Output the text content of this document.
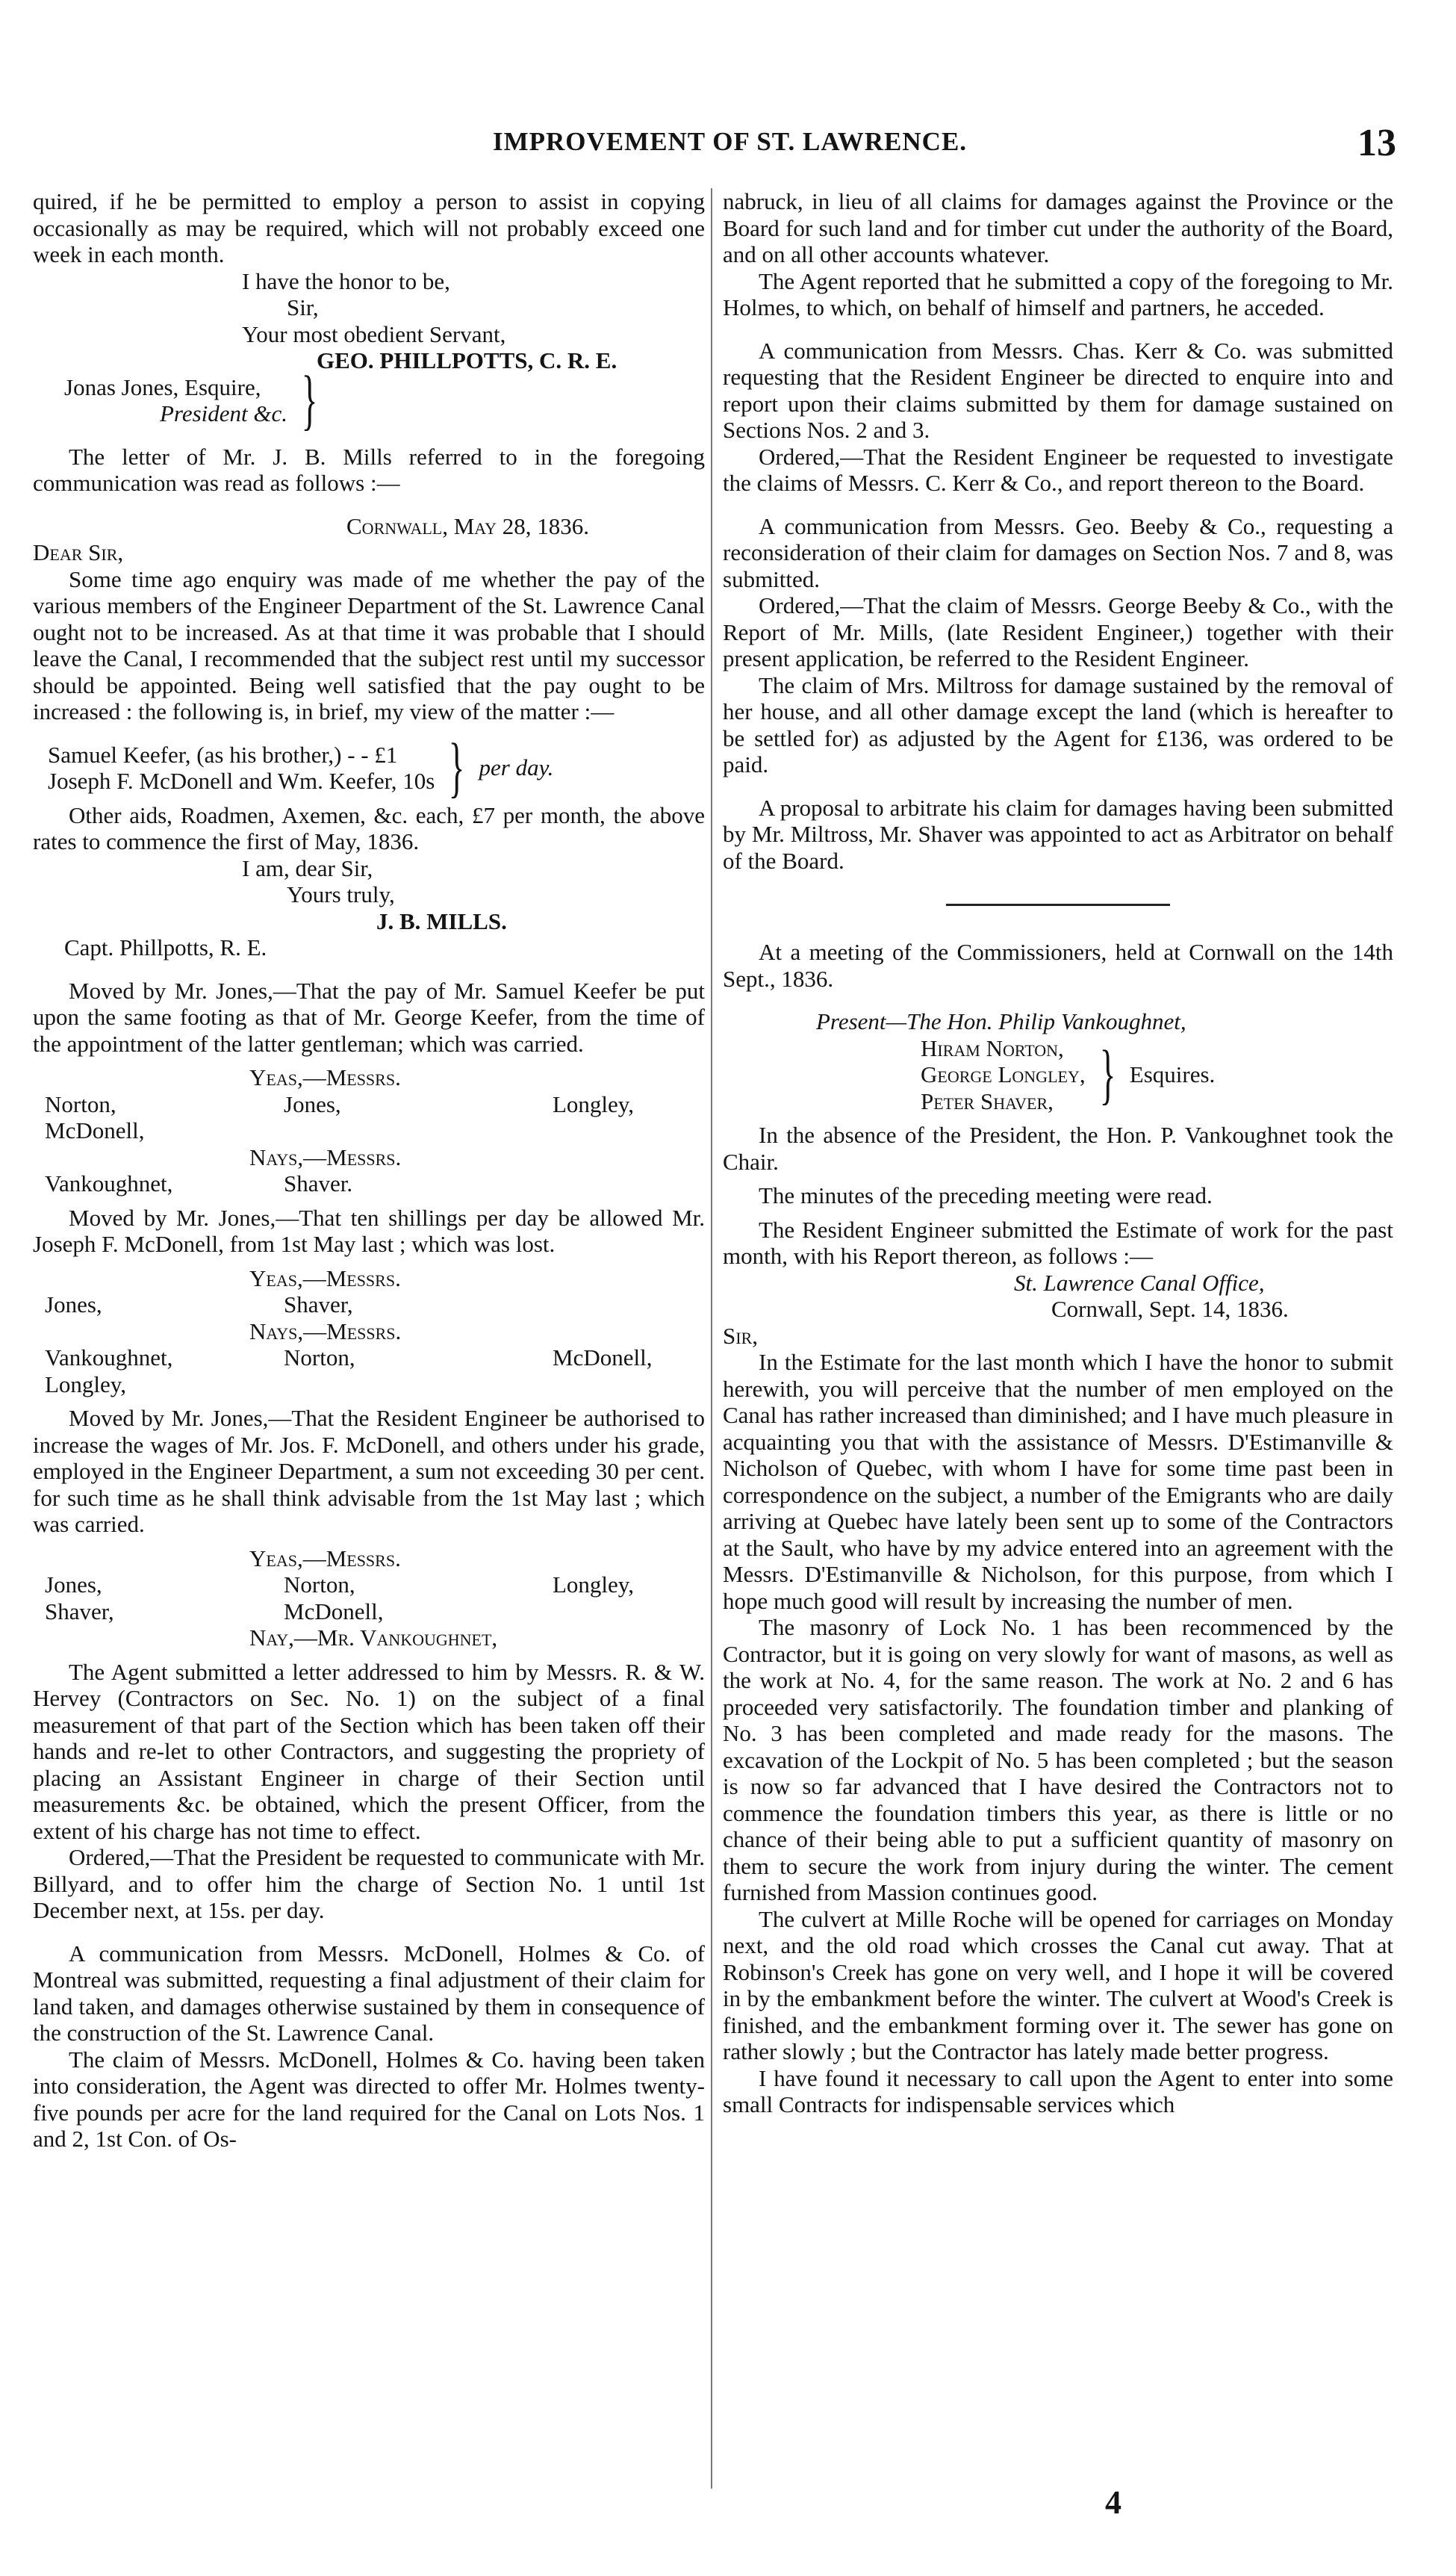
IMPROVEMENT OF ST. LAWRENCE.	13

quired, if he be permitted to employ a person to assist in copying occasionally as may be required, which will not probably exceed one week in each month.

I have the honor to be,

Sir,

Your most obedient Servant,

GEO. PHILLPOTTS, C. R. E.

Jonas Jones, Esquire,

President &c. }

The letter of Mr. J. B. Mills referred to in the foregoing communication was read as follows :—

Cornwall, May 28, 1836.

Dear Sir,

Some time ago enquiry was made of me whether the pay of the various members of the Engineer Department of the St. Lawrence Canal ought not to be increased. As at that time it was probable that I should leave the Canal, I recommended that the subject rest until my successor should be appointed. Being well satisfied that the pay ought to be increased : the following is, in brief, my view of the matter :—

Samuel Keefer, (as his brother,) - - £1

Joseph F. McDonell and Wm. Keefer, 10s } per day.

Other aids, Roadmen, Axemen, &c. each, £7 per month, the above rates to commence the first of May, 1836.

I am, dear Sir,

Yours truly,

J. B. MILLS.

Capt. Phillpotts, R. E.

Moved by Mr. Jones,—That the pay of Mr. Samuel Keefer be put upon the same footing as that of Mr. George Keefer, from the time of the appointment of the latter gentleman; which was carried.

Yeas,—Messrs.

Norton,	Jones,	Longley,
McDonell,

Nays,—Messrs.

Vankoughnet,	Shaver.

Moved by Mr. Jones,—That ten shillings per day be allowed Mr. Joseph F. McDonell, from 1st May last ; which was lost.

Yeas,—Messrs.

Jones,	Shaver,

Nays,—Messrs.

Vankoughnet,	Norton,	McDonell,
Longley,

Moved by Mr. Jones,—That the Resident Engineer be authorised to increase the wages of Mr. Jos. F. McDonell, and others under his grade, employed in the Engineer Department, a sum not exceeding 30 per cent. for such time as he shall think advisable from the 1st May last ; which was carried.

Yeas,—Messrs.

Jones,	Norton,	Longley,
Shaver,	McDonell,

Nay,—Mr. Vankoughnet,

The Agent submitted a letter addressed to him by Messrs. R. & W. Hervey (Contractors on Sec. No. 1) on the subject of a final measurement of that part of the Section which has been taken off their hands and re-let to other Contractors, and suggesting the propriety of placing an Assistant Engineer in charge of their Section until measurements &c. be obtained, which the present Officer, from the extent of his charge has not time to effect.

Ordered,—That the President be requested to communicate with Mr. Billyard, and to offer him the charge of Section No. 1 until 1st December next, at 15s. per day.

A communication from Messrs. McDonell, Holmes & Co. of Montreal was submitted, requesting a final adjustment of their claim for land taken, and damages otherwise sustained by them in consequence of the construction of the St. Lawrence Canal.

The claim of Messrs. McDonell, Holmes & Co. having been taken into consideration, the Agent was directed to offer Mr. Holmes twenty-five pounds per acre for the land required for the Canal on Lots Nos. 1 and 2, 1st Con. of Os-

nabruck, in lieu of all claims for damages against the Province or the Board for such land and for timber cut under the authority of the Board, and on all other accounts whatever.

The Agent reported that he submitted a copy of the foregoing to Mr. Holmes, to which, on behalf of himself and partners, he acceded.

A communication from Messrs. Chas. Kerr & Co. was submitted requesting that the Resident Engineer be directed to enquire into and report upon their claims submitted by them for damage sustained on Sections Nos. 2 and 3.

Ordered,—That the Resident Engineer be requested to investigate the claims of Messrs. C. Kerr & Co., and report thereon to the Board.

A communication from Messrs. Geo. Beeby & Co., requesting a reconsideration of their claim for damages on Section Nos. 7 and 8, was submitted.

Ordered,—That the claim of Messrs. George Beeby & Co., with the Report of Mr. Mills, (late Resident Engineer,) together with their present application, be referred to the Resident Engineer.

The claim of Mrs. Miltross for damage sustained by the removal of her house, and all other damage except the land (which is hereafter to be settled for) as adjusted by the Agent for £136, was ordered to be paid.

A proposal to arbitrate his claim for damages having been submitted by Mr. Miltross, Mr. Shaver was appointed to act as Arbitrator on behalf of the Board.

At a meeting of the Commissioners, held at Cornwall on the 14th Sept., 1836.

Present—The Hon. Philip Vankoughnet,

Hiram Norton,

George Longley,

Peter Shaver, } Esquires.

In the absence of the President, the Hon. P. Vankoughnet took the Chair.

The minutes of the preceding meeting were read.

The Resident Engineer submitted the Estimate of work for the past month, with his Report thereon, as follows :—

St. Lawrence Canal Office,

Cornwall, Sept. 14, 1836.

Sir,

In the Estimate for the last month which I have the honor to submit herewith, you will perceive that the number of men employed on the Canal has rather increased than diminished; and I have much pleasure in acquainting you that with the assistance of Messrs. D'Estimanville & Nicholson of Quebec, with whom I have for some time past been in correspondence on the subject, a number of the Emigrants who are daily arriving at Quebec have lately been sent up to some of the Contractors at the Sault, who have by my advice entered into an agreement with the Messrs. D'Estimanville & Nicholson, for this purpose, from which I hope much good will result by increasing the number of men.

The masonry of Lock No. 1 has been recommenced by the Contractor, but it is going on very slowly for want of masons, as well as the work at No. 4, for the same reason. The work at No. 2 and 6 has proceeded very satisfactorily. The foundation timber and planking of No. 3 has been completed and made ready for the masons. The excavation of the Lockpit of No. 5 has been completed ; but the season is now so far advanced that I have desired the Contractors not to commence the foundation timbers this year, as there is little or no chance of their being able to put a sufficient quantity of masonry on them to secure the work from injury during the winter. The cement furnished from Massion continues good.

The culvert at Mille Roche will be opened for carriages on Monday next, and the old road which crosses the Canal cut away. That at Robinson's Creek has gone on very well, and I hope it will be covered in by the embankment before the winter. The culvert at Wood's Creek is finished, and the embankment forming over it. The sewer has gone on rather slowly ; but the Contractor has lately made better progress.

I have found it necessary to call upon the Agent to enter into some small Contracts for indispensable services which

4
